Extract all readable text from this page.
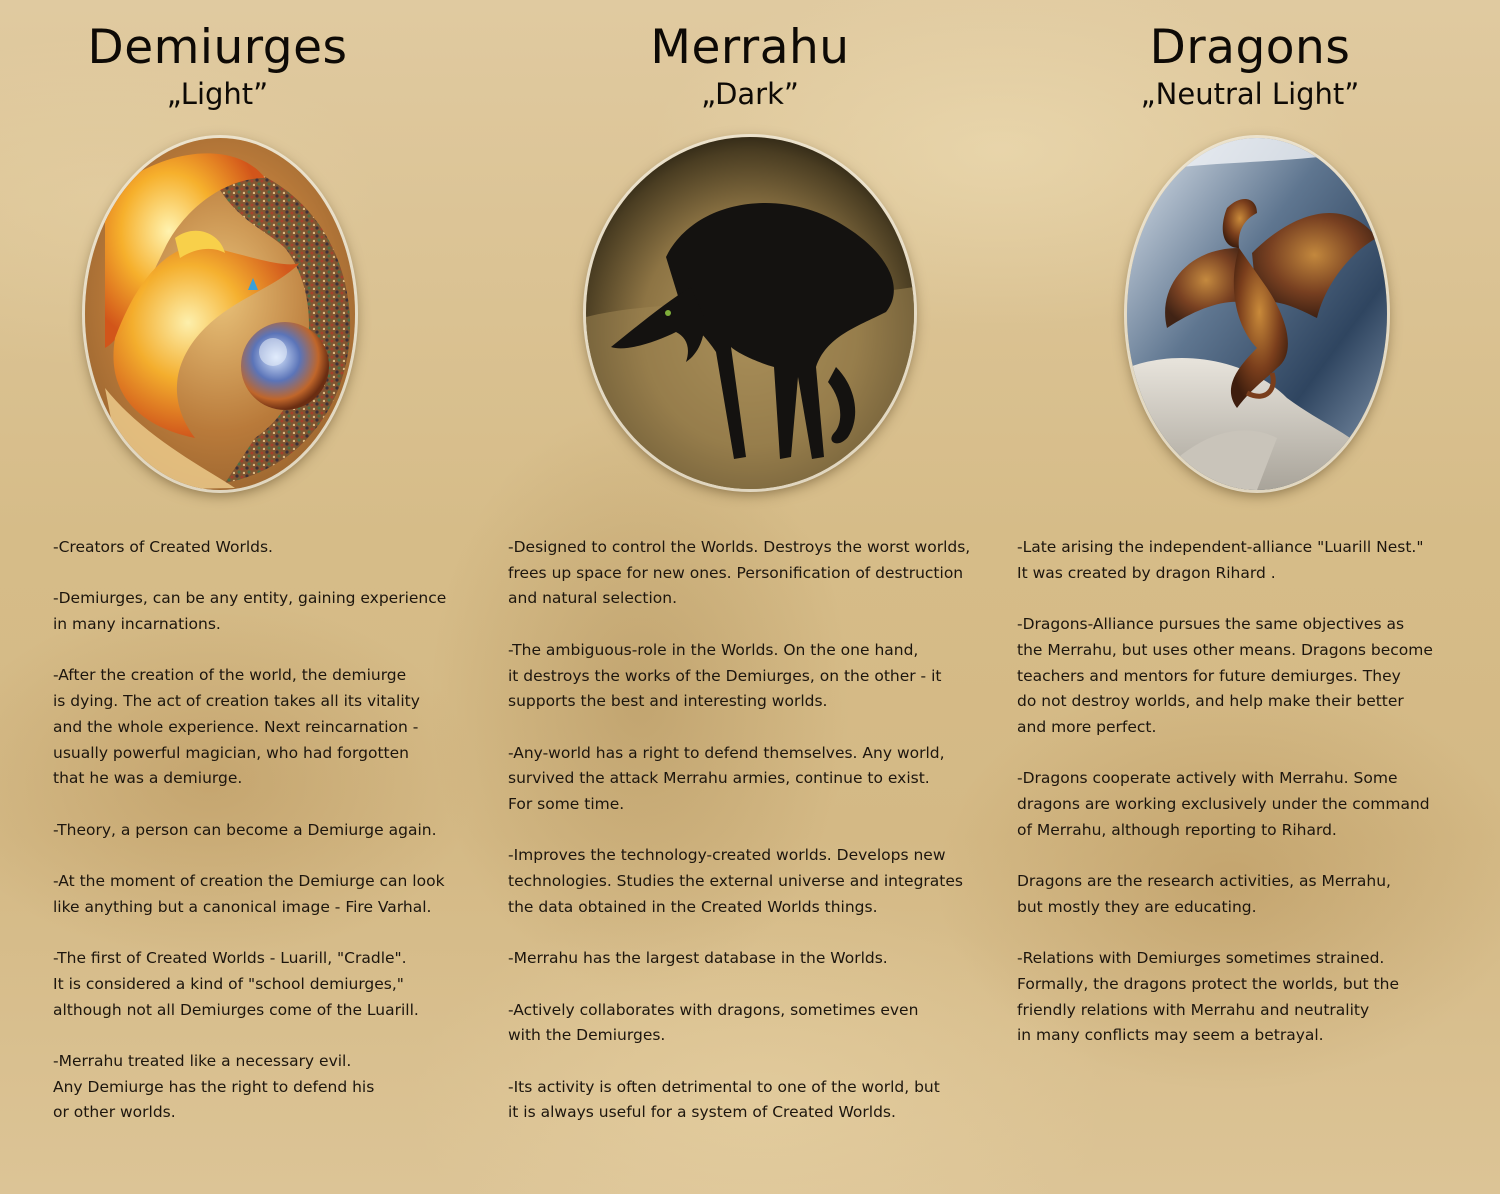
Demiurges
„Light”

-Creators of Created Worlds.

-Demiurges, can be any entity, gaining experience
in many incarnations.

-After the creation of the world, the demiurge
is dying. The act of creation takes all its vitality
and the whole experience. Next reincarnation -
usually powerful magician, who had forgotten
that he was a demiurge.

-Theory, a person can become a Demiurge again.

-At the moment of creation the Demiurge can look
like anything but a canonical image - Fire Varhal.

-The first of Created Worlds - Luarill, "Cradle".
It is considered a kind of "school demiurges,"
although not all Demiurges come of the Luarill.

-Merrahu treated like a necessary evil.
Any Demiurge has the right to defend his
or other worlds.

Merrahu
„Dark”

-Designed to control the Worlds. Destroys the worst worlds,
frees up space for new ones. Personification of destruction
and natural selection.

-The ambiguous-role in the Worlds. On the one hand,
it destroys the works of the Demiurges, on the other - it
supports the best and interesting worlds.

-Any-world has a right to defend themselves. Any world,
survived the attack Merrahu armies, continue to exist.
For some time.

-Improves the technology-created worlds. Develops new
technologies. Studies the external universe and integrates
the data obtained in the Created Worlds things.

-Merrahu has the largest database in the Worlds.

-Actively collaborates with dragons, sometimes even
with the Demiurges.

-Its activity is often detrimental to one of the world, but
it is always useful for a system of Created Worlds.

Dragons
„Neutral Light”

-Late arising the independent-alliance "Luarill Nest."
It was created by dragon Rihard .

-Dragons-Alliance pursues the same objectives as
the Merrahu, but uses other means. Dragons become
teachers and mentors for future demiurges. They
do not destroy worlds, and help make their better
and more perfect.

-Dragons cooperate actively with Merrahu. Some
dragons are working exclusively under the command
of Merrahu, although reporting to Rihard.

Dragons are the research activities, as Merrahu,
but mostly they are educating.

-Relations with Demiurges sometimes strained.
Formally, the dragons protect the worlds, but the
friendly relations with Merrahu and neutrality
in many conflicts may seem a betrayal.
